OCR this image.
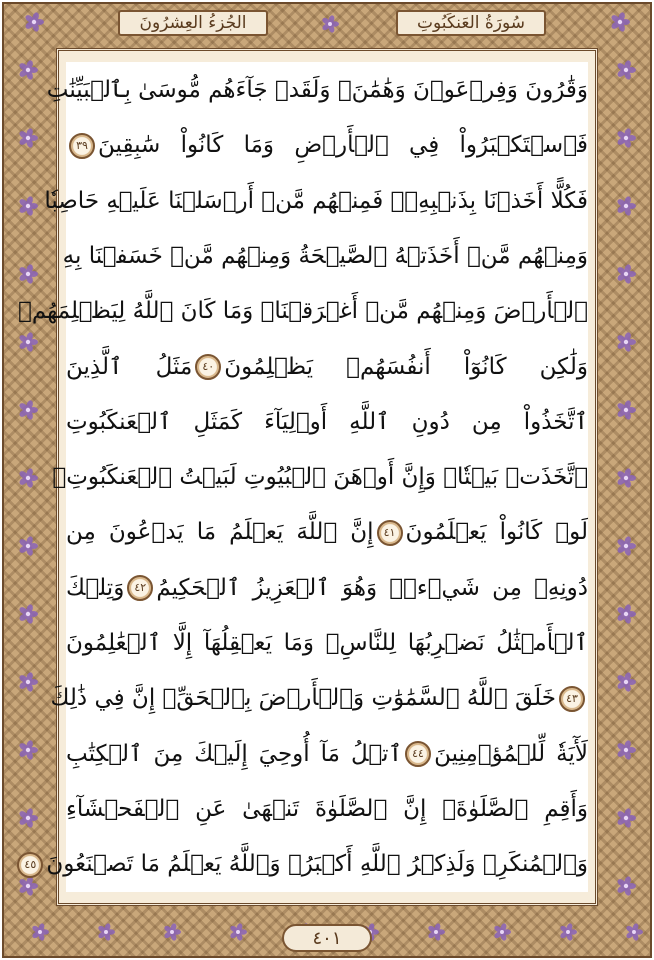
الجُزءُ العِشرُونَ	سُورَةُ العَنكَبُوتِ
وَقَٰرُونَ وَفِرۡعَوۡنَ وَهَٰمَٰنَۖ وَلَقَدۡ جَآءَهُم مُّوسَىٰ بِٱلۡبَيِّنَٰتِ
فَٱسۡتَكۡبَرُواْ فِي ٱلۡأَرۡضِ وَمَا كَانُواْ سَٰبِقِينَ٣٩
فَكُلًّا أَخَذۡنَا بِذَنۢبِهِۦۖ فَمِنۡهُم مَّنۡ أَرۡسَلۡنَا عَلَيۡهِ حَاصِبٗا
وَمِنۡهُم مَّنۡ أَخَذَتۡهُ ٱلصَّيۡحَةُ وَمِنۡهُم مَّنۡ خَسَفۡنَا بِهِ
ٱلۡأَرۡضَ وَمِنۡهُم مَّنۡ أَغۡرَقۡنَاۚ وَمَا كَانَ ٱللَّهُ لِيَظۡلِمَهُمۡ
وَلَٰكِن كَانُوٓاْ أَنفُسَهُمۡ يَظۡلِمُونَ٤٠مَثَلُ ٱلَّذِينَ
ٱتَّخَذُواْ مِن دُونِ ٱللَّهِ أَوۡلِيَآءَ كَمَثَلِ ٱلۡعَنكَبُوتِ
ٱتَّخَذَتۡ بَيۡتٗاۖ وَإِنَّ أَوۡهَنَ ٱلۡبُيُوتِ لَبَيۡتُ ٱلۡعَنكَبُوتِۚ
لَوۡ كَانُواْ يَعۡلَمُونَ٤١إِنَّ ٱللَّهَ يَعۡلَمُ مَا يَدۡعُونَ مِن
دُونِهِۦ مِن شَيۡءٖۚ وَهُوَ ٱلۡعَزِيزُ ٱلۡحَكِيمُ٤٢وَتِلۡكَ
ٱلۡأَمۡثَٰلُ نَضۡرِبُهَا لِلنَّاسِۖ وَمَا يَعۡقِلُهَآ إِلَّا ٱلۡعَٰلِمُونَ
٤٣خَلَقَ ٱللَّهُ ٱلسَّمَٰوَٰتِ وَٱلۡأَرۡضَ بِٱلۡحَقِّۚ إِنَّ فِي ذَٰلِكَ
لَأٓيَةٗ لِّلۡمُؤۡمِنِينَ٤٤ٱتۡلُ مَآ أُوحِيَ إِلَيۡكَ مِنَ ٱلۡكِتَٰبِ
وَأَقِمِ ٱلصَّلَوٰةَۖ إِنَّ ٱلصَّلَوٰةَ تَنۡهَىٰ عَنِ ٱلۡفَحۡشَآءِ
وَٱلۡمُنكَرِۗ وَلَذِكۡرُ ٱللَّهِ أَكۡبَرُۗ وَٱللَّهُ يَعۡلَمُ مَا تَصۡنَعُونَ٤٥
٤٠١
